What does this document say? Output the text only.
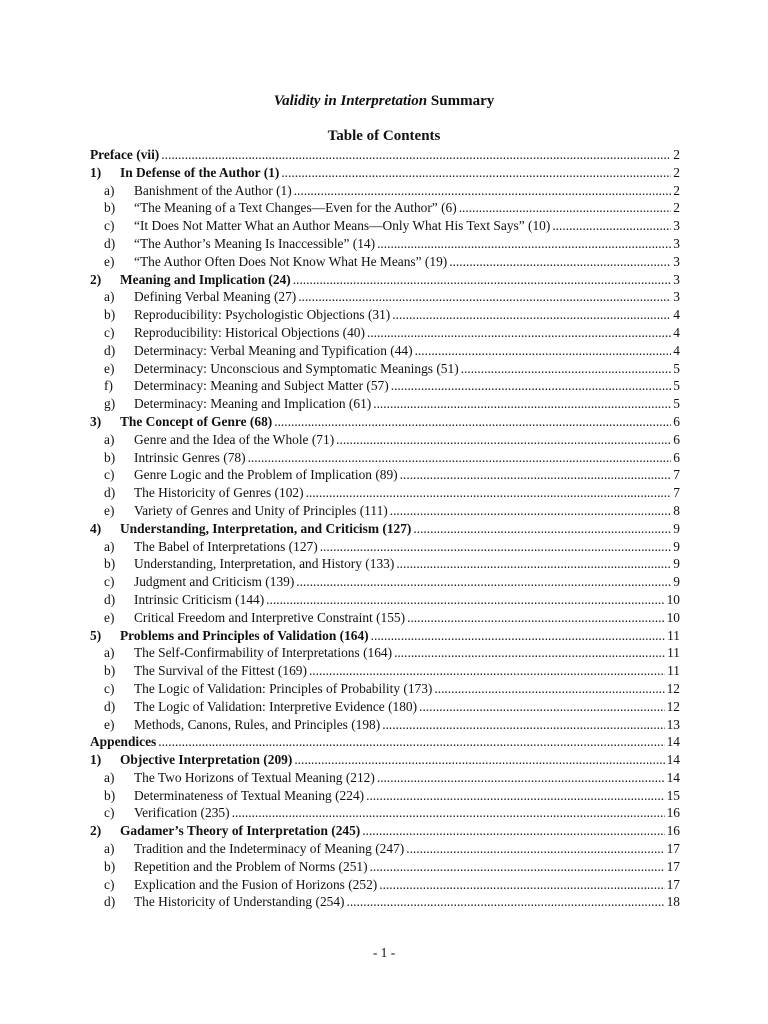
Validity in Interpretation Summary
Table of Contents
Preface (vii) .....	2
1)	In Defense of the Author (1) .....	2
a)	Banishment of the Author (1) .....	2
b)	“The Meaning of a Text Changes—Even for the Author” (6) .....	2
c)	“It Does Not Matter What an Author Means—Only What His Text Says” (10) .....	3
d)	“The Author’s Meaning Is Inaccessible” (14) .....	3
e)	“The Author Often Does Not Know What He Means” (19) .....	3
2)	Meaning and Implication (24) .....	3
a)	Defining Verbal Meaning (27) .....	3
b)	Reproducibility: Psychologistic Objections (31) .....	4
c)	Reproducibility: Historical Objections (40) .....	4
d)	Determinacy: Verbal Meaning and Typification (44) .....	4
e)	Determinacy: Unconscious and Symptomatic Meanings (51) .....	5
f)	Determinacy: Meaning and Subject Matter (57) .....	5
g)	Determinacy: Meaning and Implication (61) .....	5
3)	The Concept of Genre (68) .....	6
a)	Genre and the Idea of the Whole (71) .....	6
b)	Intrinsic Genres (78) .....	6
c)	Genre Logic and the Problem of Implication (89) .....	7
d)	The Historicity of Genres (102) .....	7
e)	Variety of Genres and Unity of Principles (111) .....	8
4)	Understanding, Interpretation, and Criticism (127) .....	9
a)	The Babel of Interpretations (127) .....	9
b)	Understanding, Interpretation, and History (133) .....	9
c)	Judgment and Criticism (139) .....	9
d)	Intrinsic Criticism (144) .....	10
e)	Critical Freedom and Interpretive Constraint (155) .....	10
5)	Problems and Principles of Validation (164) .....	11
a)	The Self-Confirmability of Interpretations (164) .....	11
b)	The Survival of the Fittest (169) .....	11
c)	The Logic of Validation: Principles of Probability (173) .....	12
d)	The Logic of Validation: Interpretive Evidence (180) .....	12
e)	Methods, Canons, Rules, and Principles (198) .....	13
Appendices .....	14
1)	Objective Interpretation (209) .....	14
a)	The Two Horizons of Textual Meaning (212) .....	14
b)	Determinateness of Textual Meaning (224) .....	15
c)	Verification (235) .....	16
2)	Gadamer’s Theory of Interpretation (245) .....	16
a)	Tradition and the Indeterminacy of Meaning (247) .....	17
b)	Repetition and the Problem of Norms (251) .....	17
c)	Explication and the Fusion of Horizons (252) .....	17
d)	The Historicity of Understanding (254) .....	18
- 1 -
